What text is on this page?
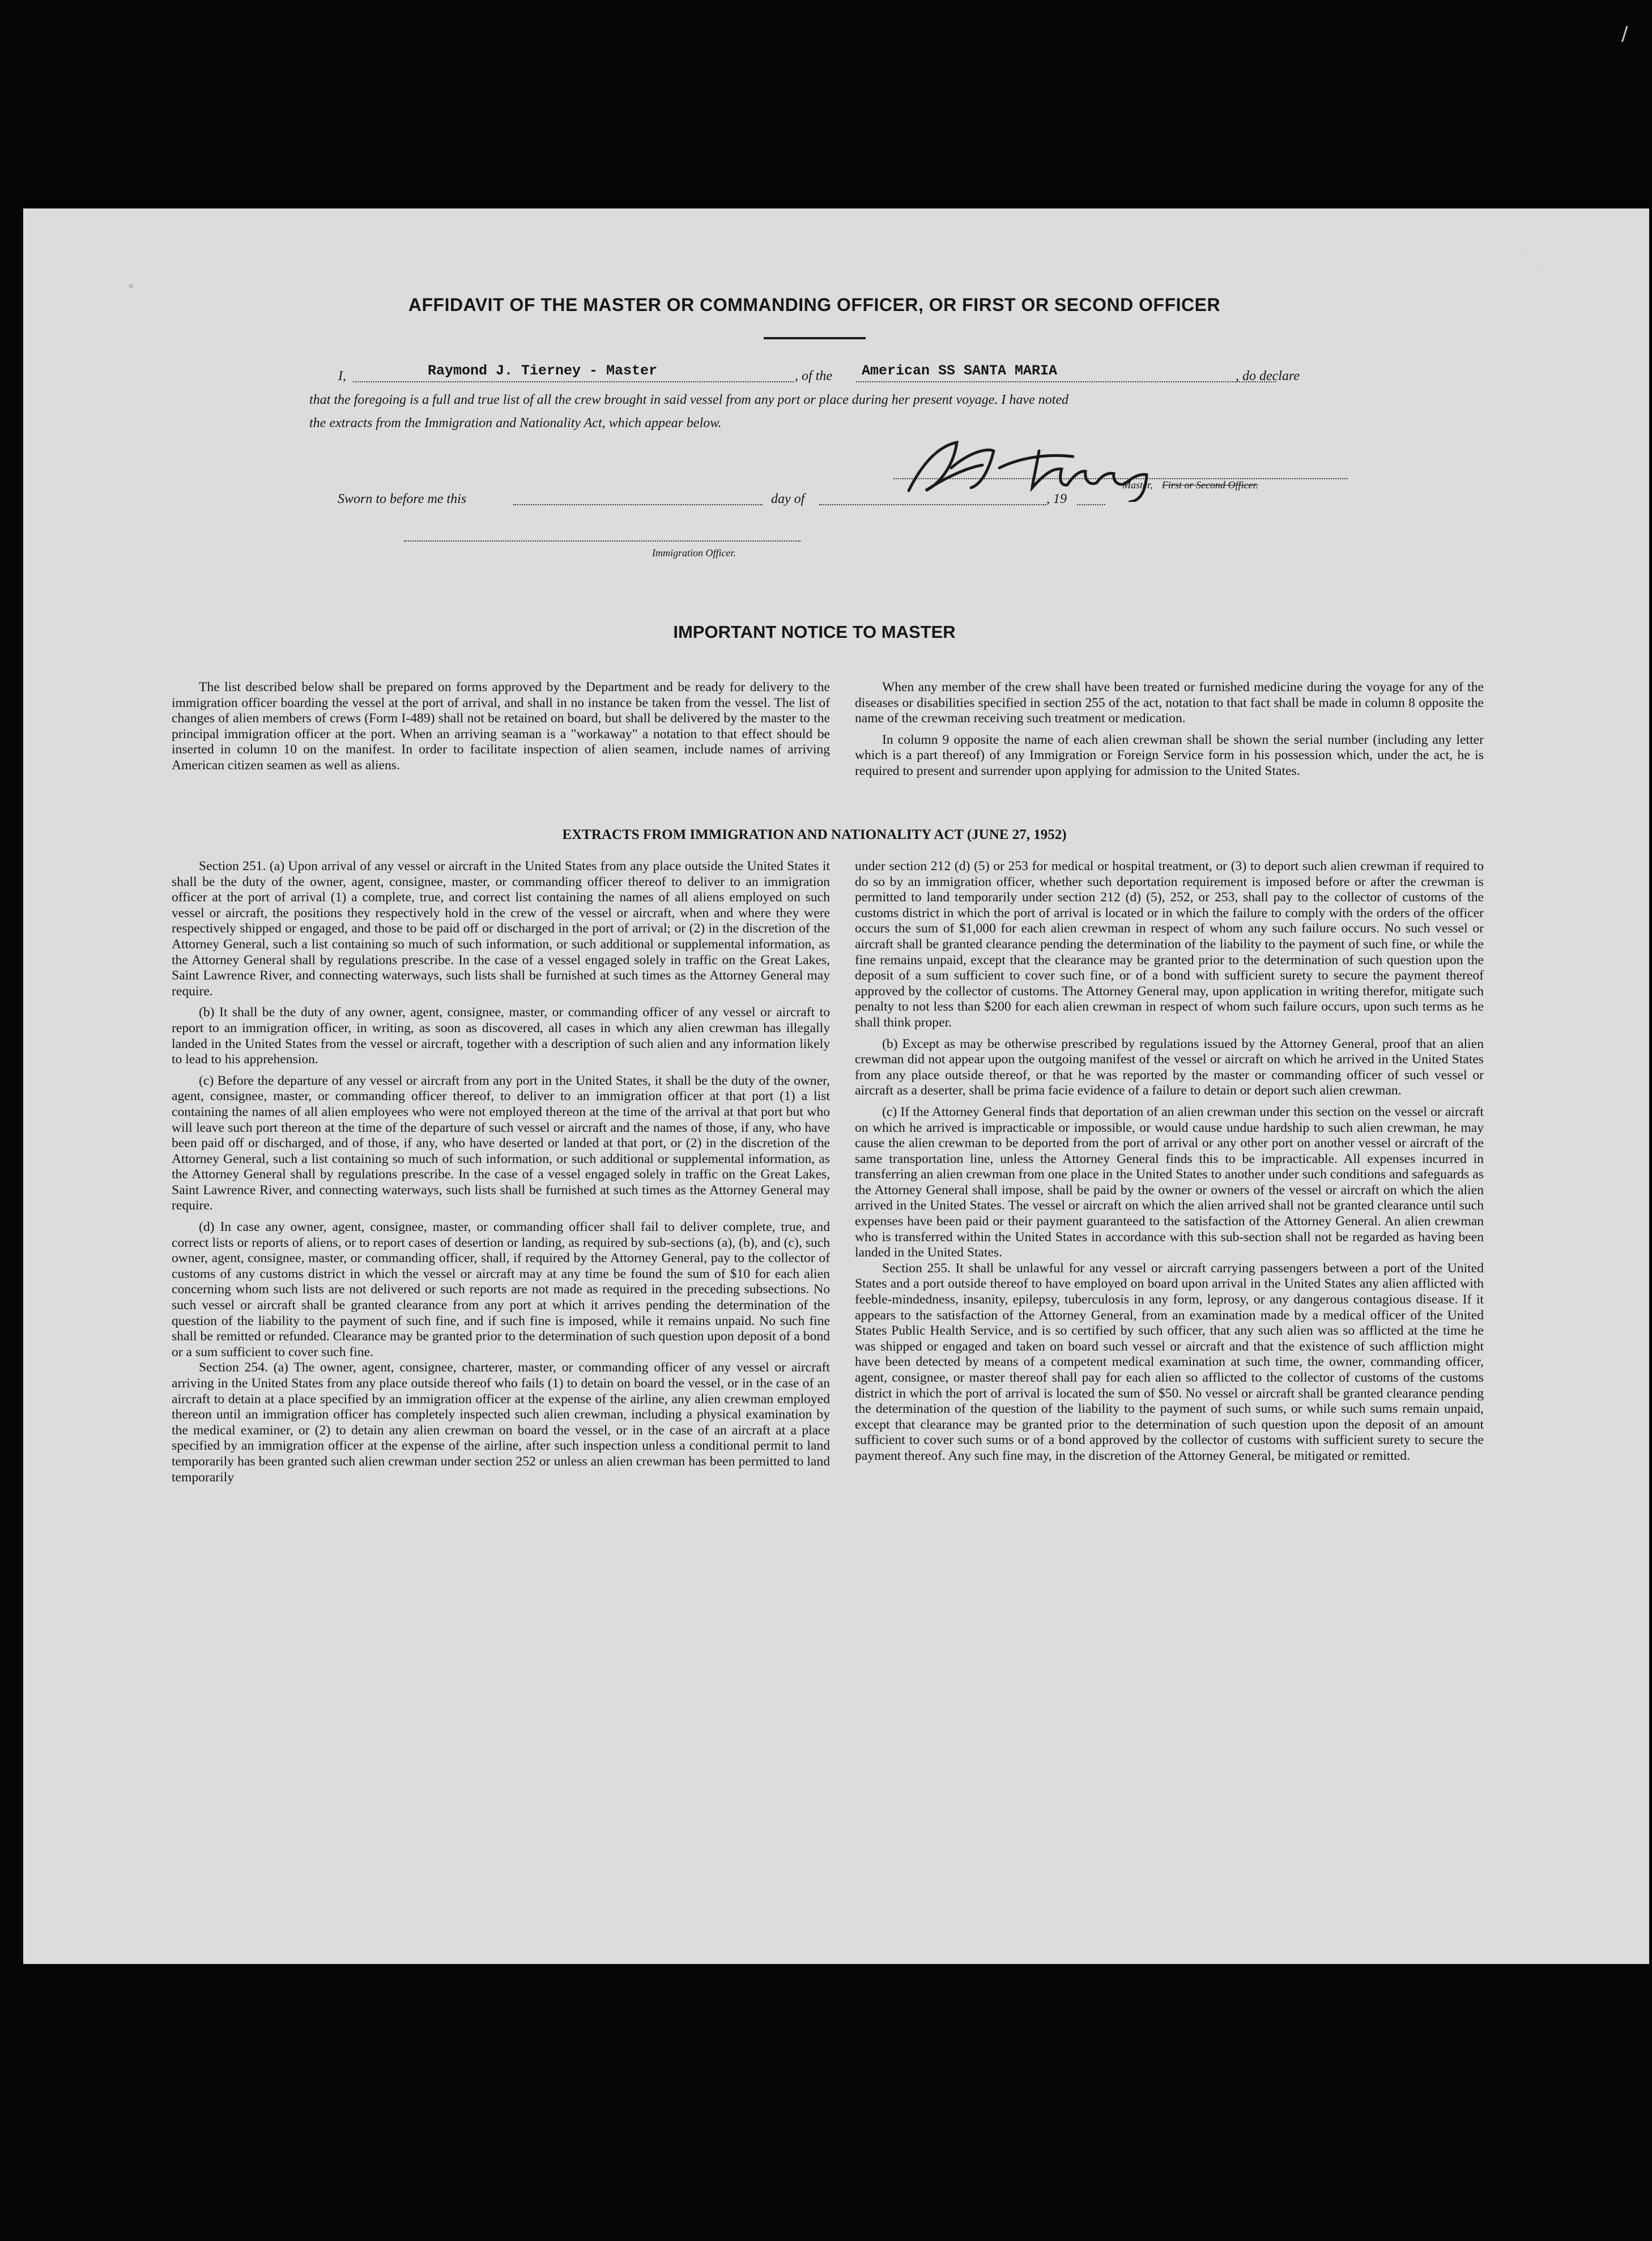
ᵉ
AFFIDAVIT OF THE MASTER OR COMMANDING OFFICER, OR FIRST OR SECOND OFFICER
I,	Raymond J. Tierney - Master	, of the American SS SANTA MARIA	, do declare
that the foregoing is a full and true list of all the crew brought in said vessel from any port or place during her present voyage. I have noted
the extracts from the Immigration and Nationality Act, which appear below.
Master, First or Second Officer.
Sworn to before me this	day of	, 19
Immigration Officer.
IMPORTANT NOTICE TO MASTER

The list described below shall be prepared on forms approved by the Department and be ready for delivery to the immigration officer boarding the vessel at the port of arrival, and shall in no instance be taken from the vessel. The list of changes of alien members of crews (Form I-489) shall not be retained on board, but shall be delivered by the master to the principal immigration officer at the port. When an arriving seaman is a "workaway" a notation to that effect should be inserted in column 10 on the manifest. In order to facilitate inspection of alien seamen, include names of arriving American citizen seamen as well as aliens.

When any member of the crew shall have been treated or furnished medicine during the voyage for any of the diseases or disabilities specified in section 255 of the act, notation to that fact shall be made in column 8 opposite the name of the crewman receiving such treatment or medication.

In column 9 opposite the name of each alien crewman shall be shown the serial number (including any letter which is a part thereof) of any Immigration or Foreign Service form in his possession which, under the act, he is required to present and surrender upon applying for admission to the United States.

EXTRACTS FROM IMMIGRATION AND NATIONALITY ACT (JUNE 27, 1952)

Section 251. (a) Upon arrival of any vessel or aircraft in the United States from any place outside the United States it shall be the duty of the owner, agent, consignee, master, or commanding officer thereof to deliver to an immigration officer at the port of arrival (1) a complete, true, and correct list containing the names of all aliens employed on such vessel or aircraft, the positions they respectively hold in the crew of the vessel or aircraft, when and where they were respectively shipped or engaged, and those to be paid off or discharged in the port of arrival; or (2) in the discretion of the Attorney General, such a list containing so much of such information, or such additional or supplemental information, as the Attorney General shall by regulations prescribe. In the case of a vessel engaged solely in traffic on the Great Lakes, Saint Lawrence River, and connecting waterways, such lists shall be furnished at such times as the Attorney General may require.

(b) It shall be the duty of any owner, agent, consignee, master, or commanding officer of any vessel or aircraft to report to an immigration officer, in writing, as soon as discovered, all cases in which any alien crewman has illegally landed in the United States from the vessel or aircraft, together with a description of such alien and any information likely to lead to his apprehension.

(c) Before the departure of any vessel or aircraft from any port in the United States, it shall be the duty of the owner, agent, consignee, master, or commanding officer thereof, to deliver to an immigration officer at that port (1) a list containing the names of all alien employees who were not employed thereon at the time of the arrival at that port but who will leave such port thereon at the time of the departure of such vessel or aircraft and the names of those, if any, who have been paid off or discharged, and of those, if any, who have deserted or landed at that port, or (2) in the discretion of the Attorney General, such a list containing so much of such information, or such additional or supplemental information, as the Attorney General shall by regulations prescribe. In the case of a vessel engaged solely in traffic on the Great Lakes, Saint Lawrence River, and connecting waterways, such lists shall be furnished at such times as the Attorney General may require.

(d) In case any owner, agent, consignee, master, or commanding officer shall fail to deliver complete, true, and correct lists or reports of aliens, or to report cases of desertion or landing, as required by sub-sections (a), (b), and (c), such owner, agent, consignee, master, or commanding officer, shall, if required by the Attorney General, pay to the collector of customs of any customs district in which the vessel or aircraft may at any time be found the sum of $10 for each alien concerning whom such lists are not delivered or such reports are not made as required in the preceding subsections. No such vessel or aircraft shall be granted clearance from any port at which it arrives pending the determination of the question of the liability to the payment of such fine, and if such fine is imposed, while it remains unpaid. No such fine shall be remitted or refunded. Clearance may be granted prior to the determination of such question upon deposit of a bond or a sum sufficient to cover such fine.

Section 254. (a) The owner, agent, consignee, charterer, master, or commanding officer of any vessel or aircraft arriving in the United States from any place outside thereof who fails (1) to detain on board the vessel, or in the case of an aircraft to detain at a place specified by an immigration officer at the expense of the airline, any alien crewman employed thereon until an immigration officer has completely inspected such alien crewman, including a physical examination by the medical examiner, or (2) to detain any alien crewman on board the vessel, or in the case of an aircraft at a place specified by an immigration officer at the expense of the airline, after such inspection unless a conditional permit to land temporarily has been granted such alien crewman under section 252 or unless an alien crewman has been permitted to land temporarily

under section 212 (d) (5) or 253 for medical or hospital treatment, or (3) to deport such alien crewman if required to do so by an immigration officer, whether such deportation requirement is imposed before or after the crewman is permitted to land temporarily under section 212 (d) (5), 252, or 253, shall pay to the collector of customs of the customs district in which the port of arrival is located or in which the failure to comply with the orders of the officer occurs the sum of $1,000 for each alien crewman in respect of whom any such failure occurs. No such vessel or aircraft shall be granted clearance pending the determination of the liability to the payment of such fine, or while the fine remains unpaid, except that the clearance may be granted prior to the determination of such question upon the deposit of a sum sufficient to cover such fine, or of a bond with sufficient surety to secure the payment thereof approved by the collector of customs. The Attorney General may, upon application in writing therefor, mitigate such penalty to not less than $200 for each alien crewman in respect of whom such failure occurs, upon such terms as he shall think proper.

(b) Except as may be otherwise prescribed by regulations issued by the Attorney General, proof that an alien crewman did not appear upon the outgoing manifest of the vessel or aircraft on which he arrived in the United States from any place outside thereof, or that he was reported by the master or commanding officer of such vessel or aircraft as a deserter, shall be prima facie evidence of a failure to detain or deport such alien crewman.

(c) If the Attorney General finds that deportation of an alien crewman under this section on the vessel or aircraft on which he arrived is impracticable or impossible, or would cause undue hardship to such alien crewman, he may cause the alien crewman to be deported from the port of arrival or any other port on another vessel or aircraft of the same transportation line, unless the Attorney General finds this to be impracticable. All expenses incurred in transferring an alien crewman from one place in the United States to another under such conditions and safeguards as the Attorney General shall impose, shall be paid by the owner or owners of the vessel or aircraft on which the alien arrived in the United States. The vessel or aircraft on which the alien arrived shall not be granted clearance until such expenses have been paid or their payment guaranteed to the satisfaction of the Attorney General. An alien crewman who is transferred within the United States in accordance with this sub-section shall not be regarded as having been landed in the United States.

Section 255. It shall be unlawful for any vessel or aircraft carrying passengers between a port of the United States and a port outside thereof to have employed on board upon arrival in the United States any alien afflicted with feeble-mindedness, insanity, epilepsy, tuberculosis in any form, leprosy, or any dangerous contagious disease. If it appears to the satisfaction of the Attorney General, from an examination made by a medical officer of the United States Public Health Service, and is so certified by such officer, that any such alien was so afflicted at the time he was shipped or engaged and taken on board such vessel or aircraft and that the existence of such affliction might have been detected by means of a competent medical examination at such time, the owner, commanding officer, agent, consignee, or master thereof shall pay for each alien so afflicted to the collector of customs of the customs district in which the port of arrival is located the sum of $50. No vessel or aircraft shall be granted clearance pending the determination of the question of the liability to the payment of such sums, or while such sums remain unpaid, except that clearance may be granted prior to the determination of such question upon the deposit of an amount sufficient to cover such sums or of a bond approved by the collector of customs with sufficient surety to secure the payment thereof. Any such fine may, in the discretion of the Attorney General, be mitigated or remitted.

/
.
.
